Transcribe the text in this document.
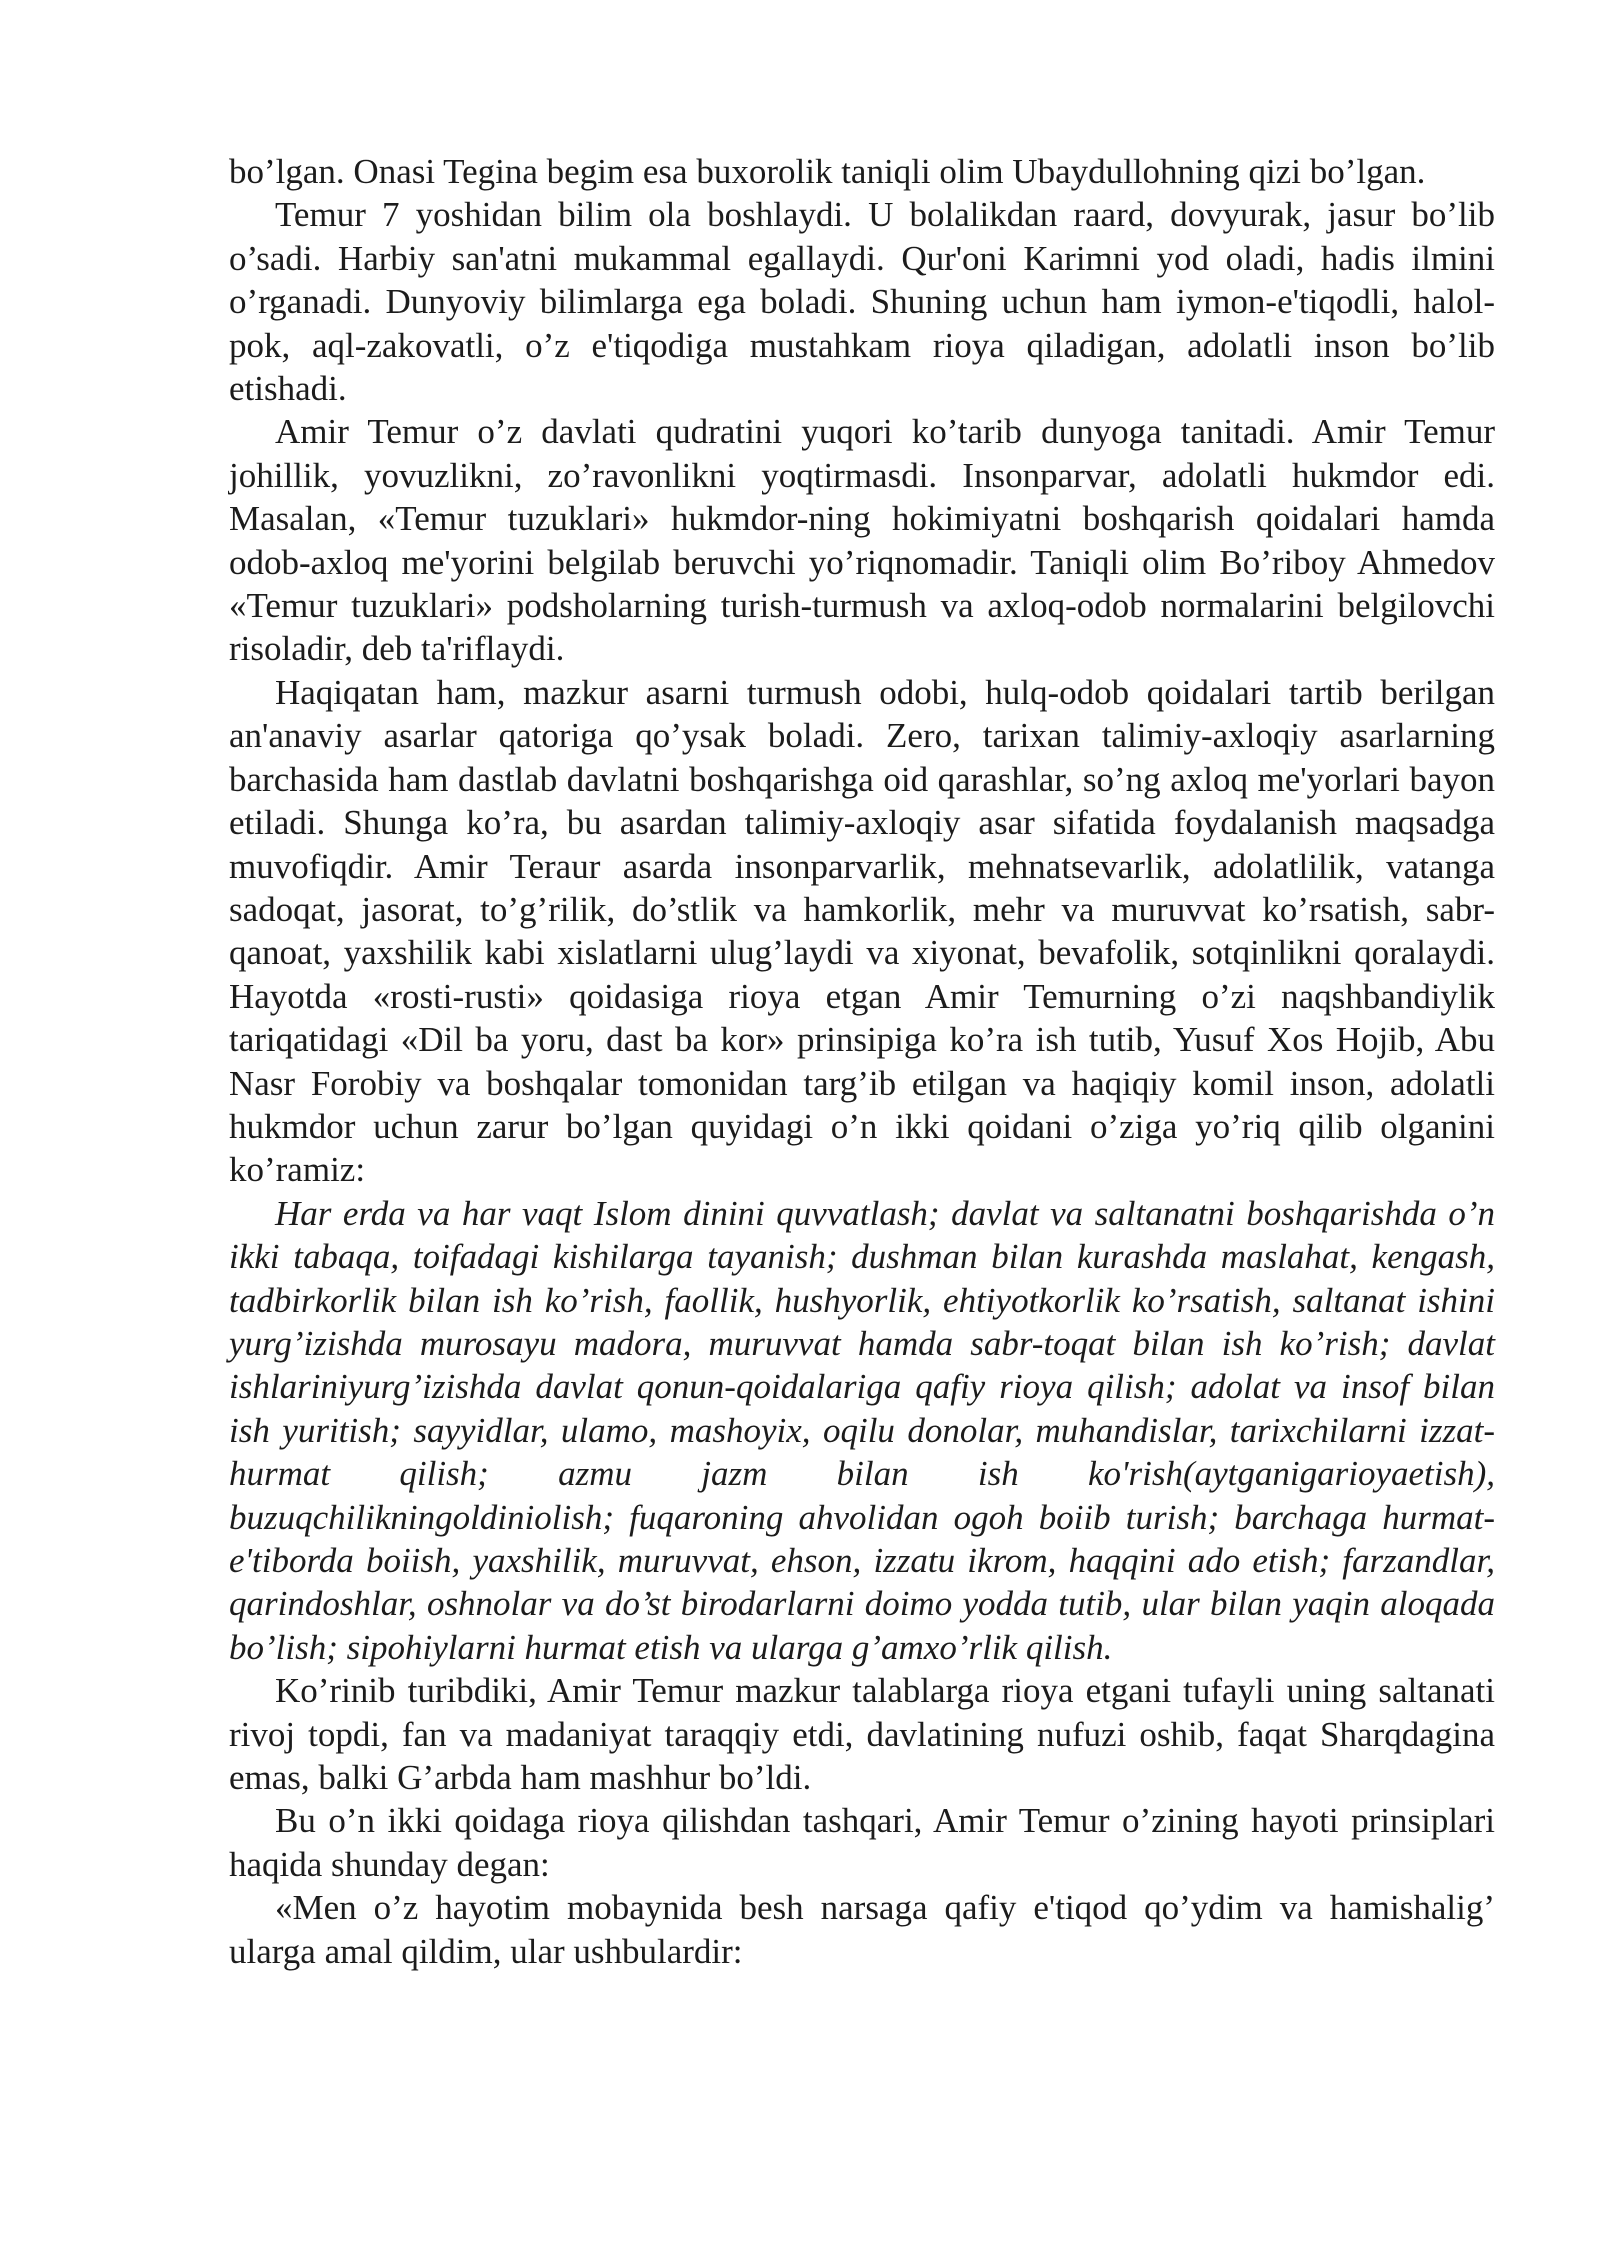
bo’lgan. Onasi Tegina begim esa buxorolik taniqli olim Ubaydullohning qizi bo’lgan.

Temur 7 yoshidan bilim ola boshlaydi. U bolalikdan raard, dovyurak, jasur bo’lib o’sadi. Harbiy san'atni mukammal egallaydi. Qur'oni Karimni yod oladi, hadis ilmini o’rganadi. Dunyoviy bilimlarga ega boladi. Shuning uchun ham iymon-e'tiqodli, halol-pok, aql-zakovatli, o’z e'tiqodiga mustahkam rioya qiladigan, adolatli inson bo’lib etishadi.

Amir Temur o’z davlati qudratini yuqori ko’tarib dunyoga tanitadi. Amir Temur johillik, yovuzlikni, zo’ravonlikni yoqtirmasdi. Insonparvar, adolatli hukmdor edi. Masalan, «Temur tuzuklari» hukmdor-ning hokimiyatni boshqarish qoidalari hamda odob-axloq me'yorini belgilab beruvchi yo’riqnomadir. Taniqli olim Bo’riboy Ahmedov «Temur tuzuklari» podsholarning turish-turmush va axloq-odob normalarini belgilovchi risoladir, deb ta'riflaydi.

Haqiqatan ham, mazkur asarni turmush odobi, hulq-odob qoidalari tartib berilgan an'anaviy asarlar qatoriga qo’ysak boladi. Zero, tarixan talimiy-axloqiy asarlarning barchasida ham dastlab davlatni boshqarishga oid qarashlar, so’ng axloq me'yorlari bayon etiladi. Shunga ko’ra, bu asardan talimiy-axloqiy asar sifatida foydalanish maqsadga muvofiqdir. Amir Teraur asarda insonparvarlik, mehnatsevarlik, adolatlilik, vatanga sadoqat, jasorat, to’g’rilik, do’stlik va hamkorlik, mehr va muruvvat ko’rsatish, sabr-qanoat, yaxshilik kabi xislatlarni ulug’laydi va xiyonat, bevafolik, sotqinlikni qoralaydi. Hayotda «rosti-rusti» qoidasiga rioya etgan Amir Temurning o’zi naqshbandiylik tariqatidagi «Dil ba yoru, dast ba kor» prinsipiga ko’ra ish tutib, Yusuf Xos Hojib, Abu Nasr Forobiy va boshqalar tomonidan targ’ib etilgan va haqiqiy komil inson, adolatli hukmdor uchun zarur bo’lgan quyidagi o’n ikki qoidani o’ziga yo’riq qilib olganini ko’ramiz:

Har erda va har vaqt Islom dinini quvvatlash; davlat va saltanatni boshqarishda o’n ikki tabaqa, toifadagi kishilarga tayanish; dushman bilan kurashda maslahat, kengash, tadbirkorlik bilan ish ko’rish, faollik, hushyorlik, ehtiyotkorlik ko’rsatish, saltanat ishini yurg’izishda murosayu madora, muruvvat hamda sabr-toqat bilan ish ko’rish; davlat ishlariniyurg’izishda davlat qonun-qoidalariga qafiy rioya qilish; adolat va insof bilan ish yuritish; sayyidlar, ulamo, mashoyix, oqilu donolar, muhandislar, tarixchilarni izzat-hurmat qilish; azmu jazm bilan ish ko'rish(aytganigarioyaetish), buzuqchilikningoldiniolish; fuqaroning ahvolidan ogoh boiib turish; barchaga hurmat-e'tiborda boiish, yaxshilik, muruvvat, ehson, izzatu ikrom, haqqini ado etish; farzandlar, qarindoshlar, oshnolar va do’st birodarlarni doimo yodda tutib, ular bilan yaqin aloqada bo’lish; sipohiylarni hurmat etish va ularga g’amxo’rlik qilish.

Ko’rinib turibdiki, Amir Temur mazkur talablarga rioya etgani tufayli uning saltanati rivoj topdi, fan va madaniyat taraqqiy etdi, davlatining nufuzi oshib, faqat Sharqdagina emas, balki G’arbda ham mashhur bo’ldi.

Bu o’n ikki qoidaga rioya qilishdan tashqari, Amir Temur o’zining hayoti prinsiplari haqida shunday degan:

«Men o’z hayotim mobaynida besh narsaga qafiy e'tiqod qo’ydim va hamishalig’ ularga amal qildim, ular ushbulardir:
